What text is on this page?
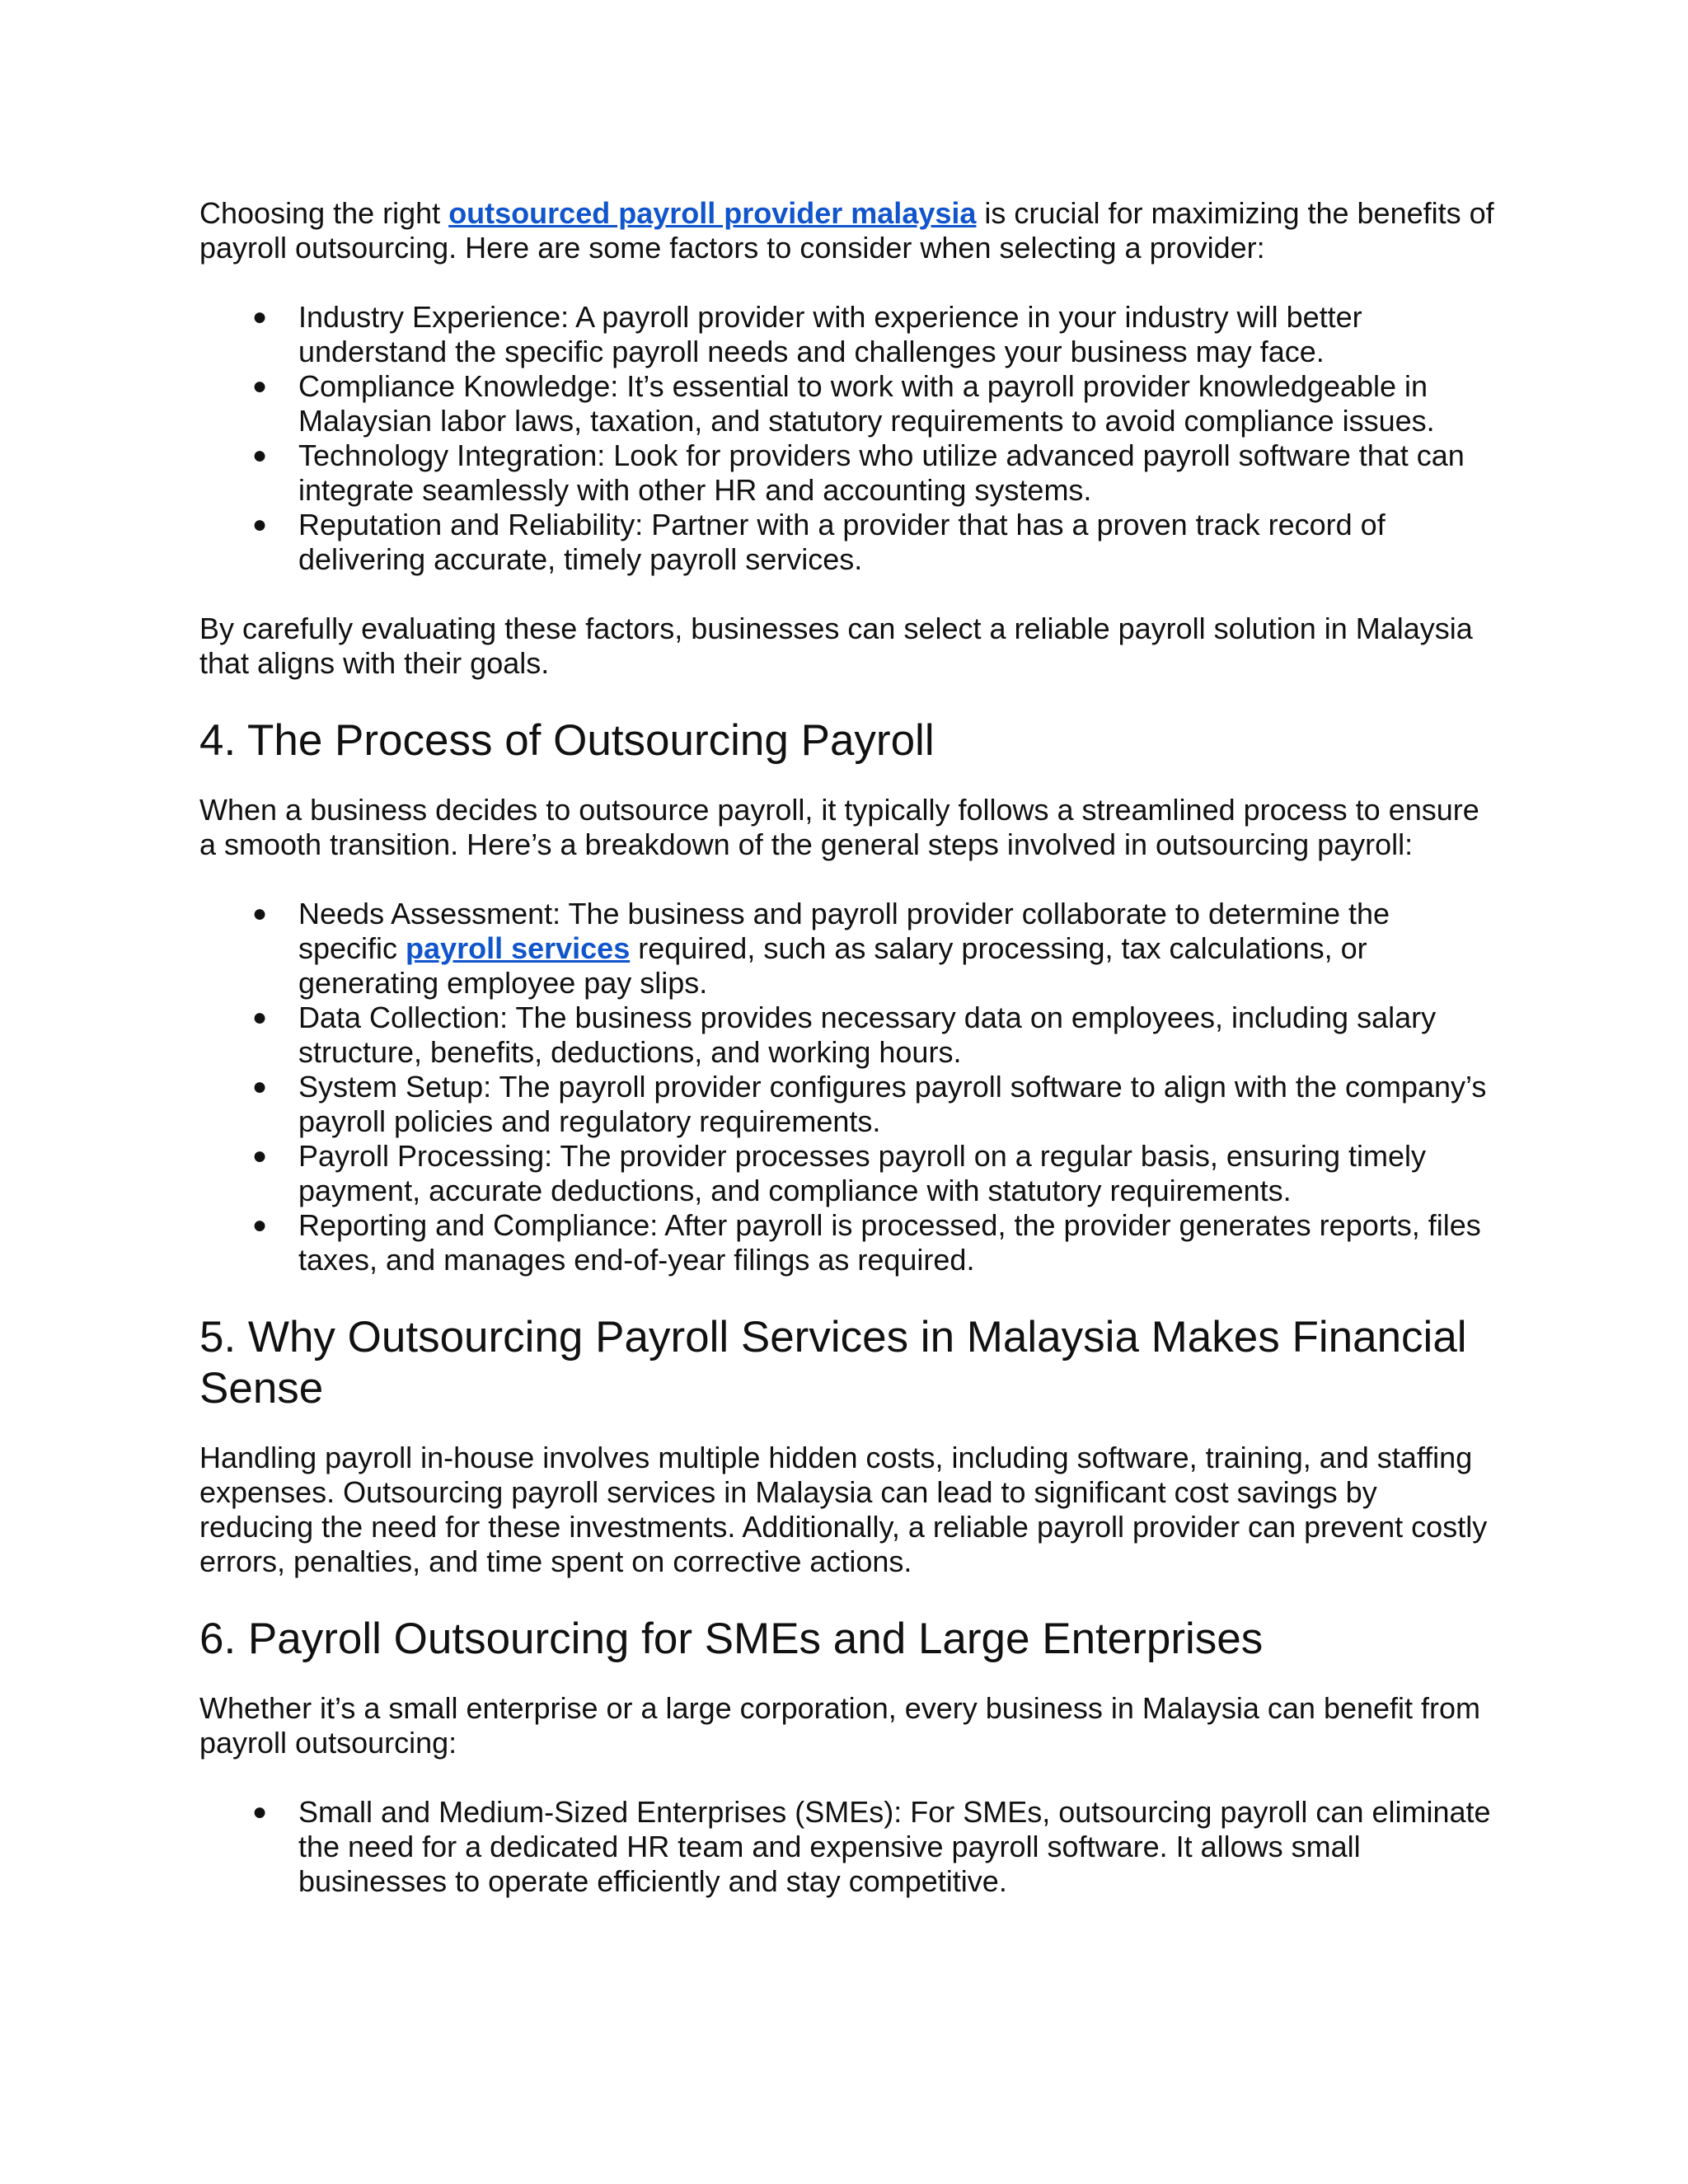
Choosing the right outsourced payroll provider malaysia is crucial for maximizing the benefits of payroll outsourcing. Here are some factors to consider when selecting a provider:

● Industry Experience: A payroll provider with experience in your industry will better understand the specific payroll needs and challenges your business may face.
● Compliance Knowledge: It’s essential to work with a payroll provider knowledgeable in Malaysian labor laws, taxation, and statutory requirements to avoid compliance issues.
● Technology Integration: Look for providers who utilize advanced payroll software that can integrate seamlessly with other HR and accounting systems.
● Reputation and Reliability: Partner with a provider that has a proven track record of delivering accurate, timely payroll services.

By carefully evaluating these factors, businesses can select a reliable payroll solution in Malaysia that aligns with their goals.

4. The Process of Outsourcing Payroll

When a business decides to outsource payroll, it typically follows a streamlined process to ensure a smooth transition. Here’s a breakdown of the general steps involved in outsourcing payroll:

● Needs Assessment: The business and payroll provider collaborate to determine the specific payroll services required, such as salary processing, tax calculations, or generating employee pay slips.
● Data Collection: The business provides necessary data on employees, including salary structure, benefits, deductions, and working hours.
● System Setup: The payroll provider configures payroll software to align with the company’s payroll policies and regulatory requirements.
● Payroll Processing: The provider processes payroll on a regular basis, ensuring timely payment, accurate deductions, and compliance with statutory requirements.
● Reporting and Compliance: After payroll is processed, the provider generates reports, files taxes, and manages end-of-year filings as required.
5. Why Outsourcing Payroll Services in Malaysia Makes Financial Sense

Handling payroll in-house involves multiple hidden costs, including software, training, and staffing expenses. Outsourcing payroll services in Malaysia can lead to significant cost savings by reducing the need for these investments. Additionally, a reliable payroll provider can prevent costly errors, penalties, and time spent on corrective actions.

6. Payroll Outsourcing for SMEs and Large Enterprises

Whether it’s a small enterprise or a large corporation, every business in Malaysia can benefit from payroll outsourcing:

● Small and Medium-Sized Enterprises (SMEs): For SMEs, outsourcing payroll can eliminate the need for a dedicated HR team and expensive payroll software. It allows small businesses to operate efficiently and stay competitive.
